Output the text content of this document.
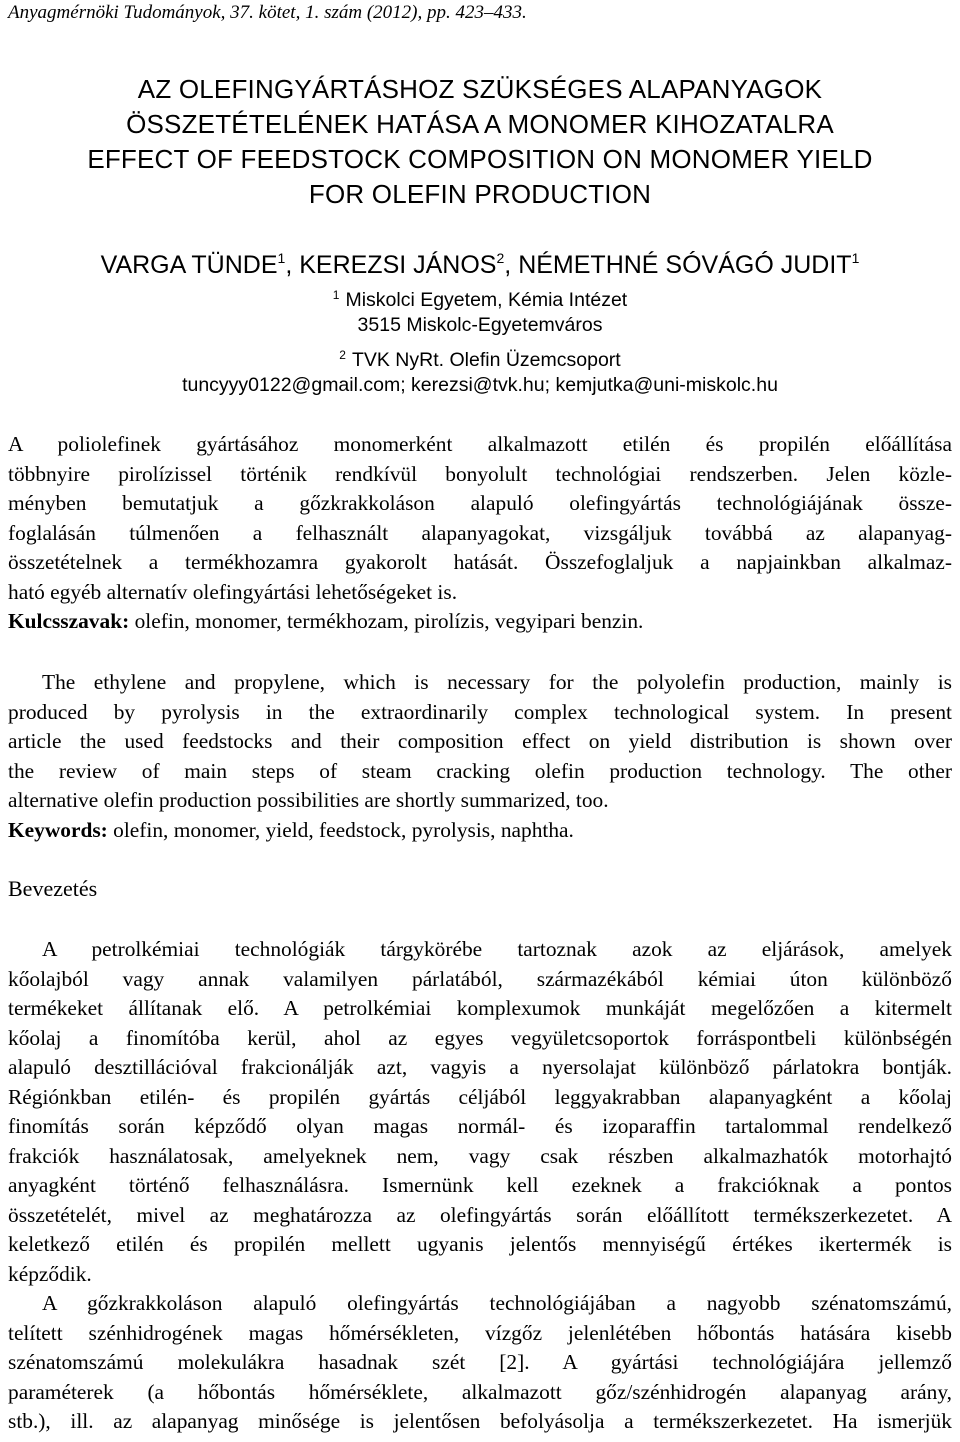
Anyagmérnöki Tudományok, 37. kötet, 1. szám (2012), pp. 423–433.
AZ OLEFINGYÁRTÁSHOZ SZÜKSÉGES ALAPANYAGOK
ÖSSZETÉTELÉNEK HATÁSA A MONOMER KIHOZATALRA
EFFECT OF FEEDSTOCK COMPOSITION ON MONOMER YIELD
FOR OLEFIN PRODUCTION
VARGA TÜNDE$^1$, KEREZSI JÁNOS$^2$, NÉMETHNÉ SÓVÁGÓ JUDIT$^1$
$^1$ Miskolci Egyetem, Kémia Intézet
3515 Miskolc-Egyetemváros
$^2$ TVK NyRt. Olefin Üzemcsoport
tuncyyy0122@gmail.com; kerezsi@tvk.hu; kemjutka@uni-miskolc.hu
A poliolefinek gyártásához monomerként alkalmazott etilén és propilén előállítása
többnyire pirolízissel történik rendkívül bonyolult technológiai rendszerben. Jelen közle-
ményben bemutatjuk a gőzkrakkoláson alapuló olefingyártás technológiájának össze-
foglalásán túlmenően a felhasznált alapanyagokat, vizsgáljuk továbbá az alapanyag-
összetételnek a termékhozamra gyakorolt hatását. Összefoglaljuk a napjainkban alkalmaz-
ható egyéb alternatív olefingyártási lehetőségeket is.
Kulcsszavak: olefin, monomer, termékhozam, pirolízis, vegyipari benzin.
The ethylene and propylene, which is necessary for the polyolefin production, mainly is
produced by pyrolysis in the extraordinarily complex technological system. In present
article the used feedstocks and their composition effect on yield distribution is shown over
the review of main steps of steam cracking olefin production technology. The other
alternative olefin production possibilities are shortly summarized, too.
Keywords: olefin, monomer, yield, feedstock, pyrolysis, naphtha.
Bevezetés
A petrolkémiai technológiák tárgykörébe tartoznak azok az eljárások, amelyek
kőolajból vagy annak valamilyen párlatából, származékából kémiai úton különböző
termékeket állítanak elő. A petrolkémiai komplexumok munkáját megelőzően a kitermelt
kőolaj a finomítóba kerül, ahol az egyes vegyületcsoportok forráspontbeli különbségén
alapuló desztillációval frakcionálják azt, vagyis a nyersolajat különböző párlatokra bontják.
Régiónkban etilén- és propilén gyártás céljából leggyakrabban alapanyagként a kőolaj
finomítás során képződő olyan magas normál- és izoparaffin tartalommal rendelkező
frakciók használatosak, amelyeknek nem, vagy csak részben alkalmazhatók motorhajtó
anyagként történő felhasználásra. Ismernünk kell ezeknek a frakcióknak a pontos
összetételét, mivel az meghatározza az olefingyártás során előállított termékszerkezetet. A
keletkező etilén és propilén mellett ugyanis jelentős mennyiségű értékes ikertermék is
képződik.
A gőzkrakkoláson alapuló olefingyártás technológiájában a nagyobb szénatomszámú,
telített szénhidrogének magas hőmérsékleten, vízgőz jelenlétében hőbontás hatására kisebb
szénatomszámú molekulákra hasadnak szét [2]. A gyártási technológiájára jellemző
paraméterek (a hőbontás hőmérséklete, alkalmazott gőz/szénhidrogén alapanyag arány,
stb.), ill. az alapanyag minősége is jelentősen befolyásolja a termékszerkezetet. Ha ismerjük
